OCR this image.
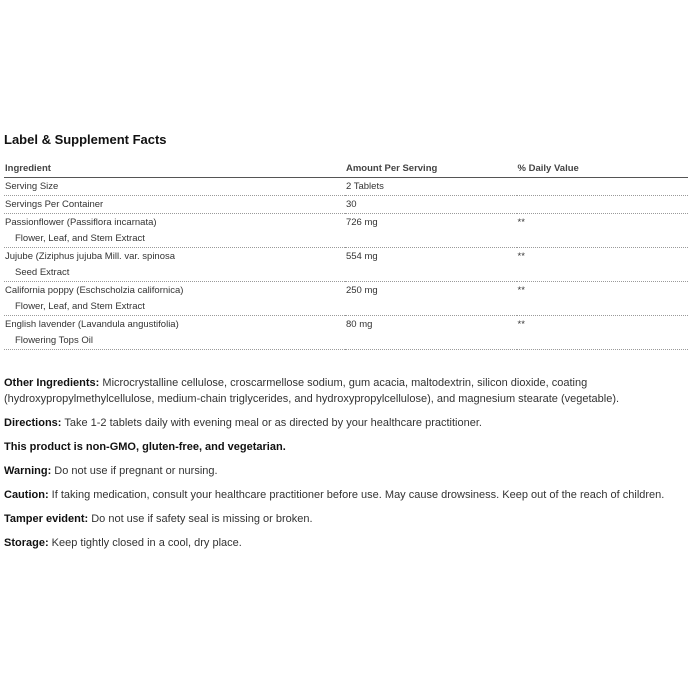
Label & Supplement Facts
Ingredient	Amount Per Serving	% Daily Value
Serving Size	2 Tablets	
Servings Per Container	30	
Passionflower (Passiflora incarnata)
Flower, Leaf, and Stem Extract	726 mg	**
Jujube (Ziziphus jujuba Mill. var. spinosa
Seed Extract	554 mg	**
California poppy (Eschscholzia californica)
Flower, Leaf, and Stem Extract	250 mg	**
English lavender (Lavandula angustifolia)
Flowering Tops Oil	80 mg	**

Other Ingredients: Microcrystalline cellulose, croscarmellose sodium, gum acacia, maltodextrin, silicon dioxide, coating (hydroxypropylmethylcellulose, medium-chain triglycerides, and hydroxypropylcellulose), and magnesium stearate (vegetable).

Directions: Take 1-2 tablets daily with evening meal or as directed by your healthcare practitioner.

This product is non-GMO, gluten-free, and vegetarian.

Warning: Do not use if pregnant or nursing.

Caution: If taking medication, consult your healthcare practitioner before use. May cause drowsiness. Keep out of the reach of children.

Tamper evident: Do not use if safety seal is missing or broken.

Storage: Keep tightly closed in a cool, dry place.
